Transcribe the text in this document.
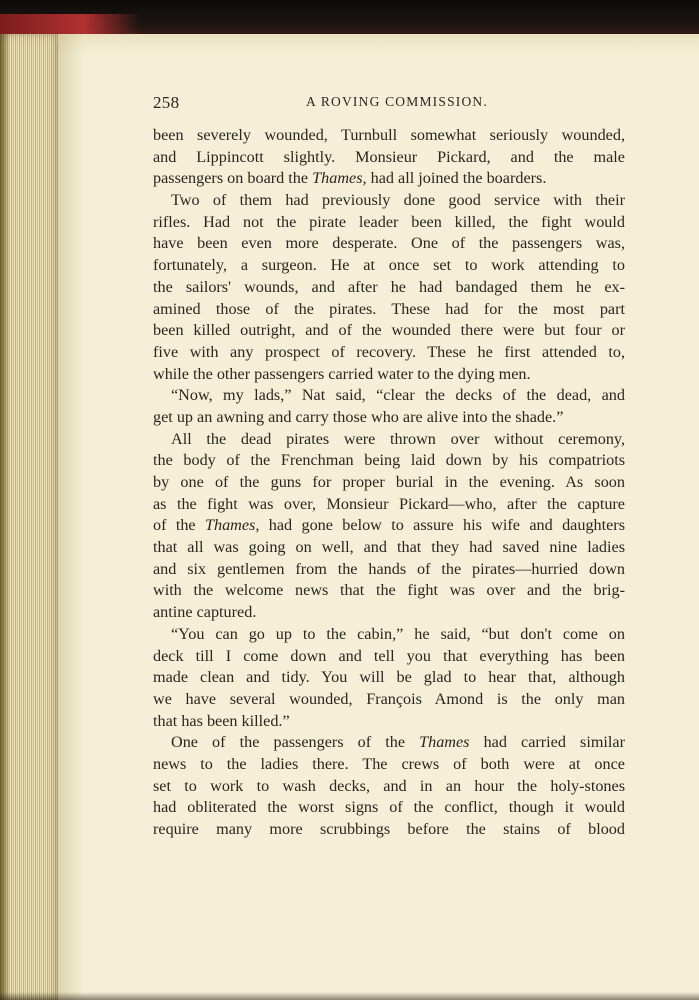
258	A ROVING COMMISSION.
been severely wounded, Turnbull somewhat seriously wounded,
and Lippincott slightly. Monsieur Pickard, and the male
passengers on board the Thames, had all joined the boarders.
Two of them had previously done good service with their
rifles. Had not the pirate leader been killed, the fight would
have been even more desperate. One of the passengers was,
fortunately, a surgeon. He at once set to work attending to
the sailors' wounds, and after he had bandaged them he ex-
amined those of the pirates. These had for the most part
been killed outright, and of the wounded there were but four or
five with any prospect of recovery. These he first attended to,
while the other passengers carried water to the dying men.
“Now, my lads,” Nat said, “clear the decks of the dead, and
get up an awning and carry those who are alive into the shade.”
All the dead pirates were thrown over without ceremony,
the body of the Frenchman being laid down by his compatriots
by one of the guns for proper burial in the evening. As soon
as the fight was over, Monsieur Pickard—who, after the capture
of the Thames, had gone below to assure his wife and daughters
that all was going on well, and that they had saved nine ladies
and six gentlemen from the hands of the pirates—hurried down
with the welcome news that the fight was over and the brig-
antine captured.
“You can go up to the cabin,” he said, “but don't come on
deck till I come down and tell you that everything has been
made clean and tidy. You will be glad to hear that, although
we have several wounded, François Amond is the only man
that has been killed.”
One of the passengers of the Thames had carried similar
news to the ladies there. The crews of both were at once
set to work to wash decks, and in an hour the holy-stones
had obliterated the worst signs of the conflict, though it would
require many more scrubbings before the stains of blood
